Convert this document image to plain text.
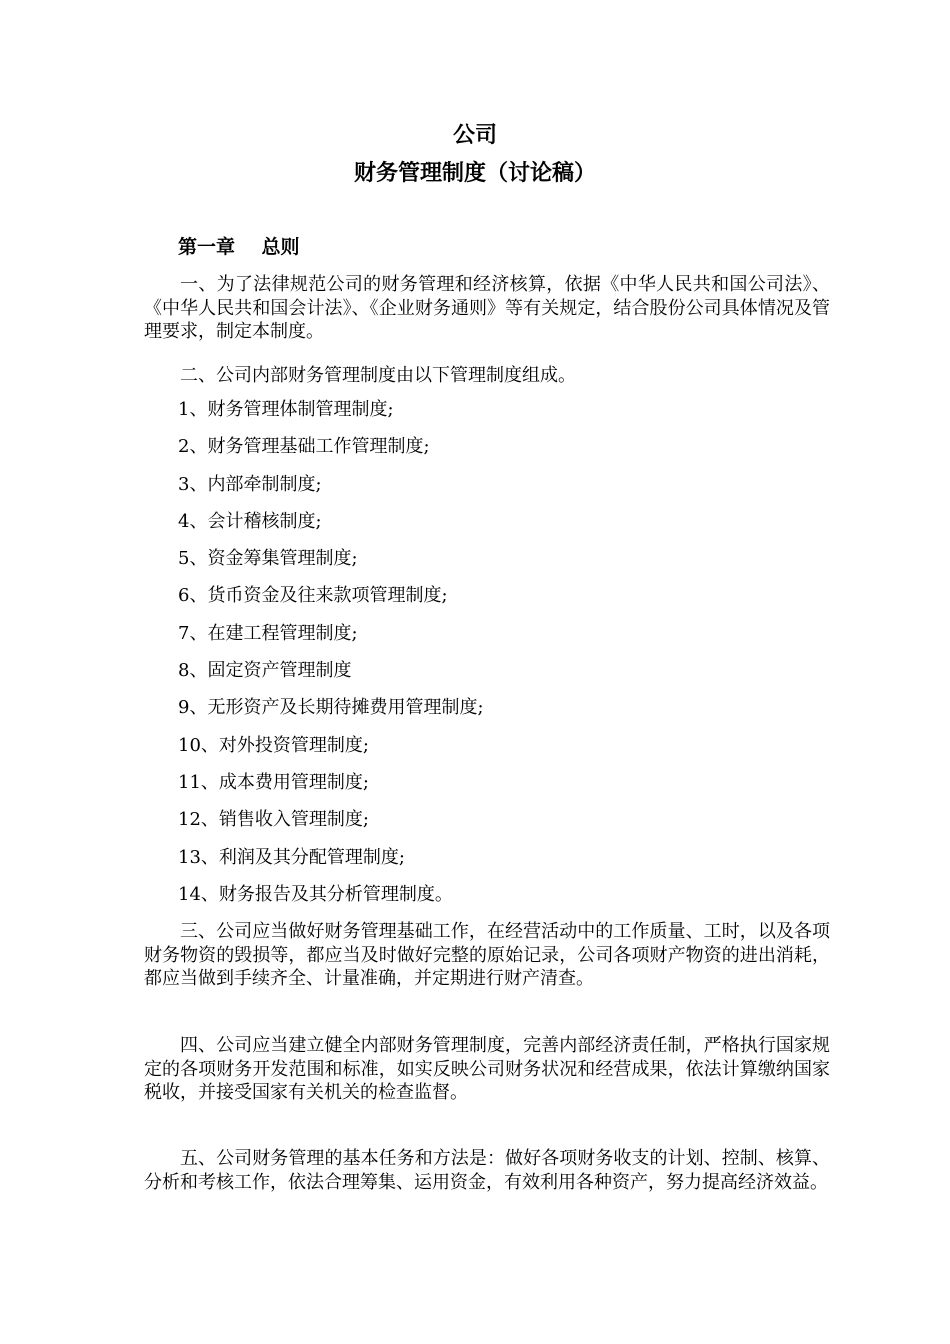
公司
财务管理制度（讨论稿）
第一章    总则

一、为了法律规范公司的财务管理和经济核算，依据《中华人民共和国公司法》、《中华人民共和国会计法》、《企业财务通则》等有关规定，结合股份公司具体情况及管理要求，制定本制度。

二、公司内部财务管理制度由以下管理制度组成。

1、财务管理体制管理制度;
2、财务管理基础工作管理制度;
3、内部牵制制度;
4、会计稽核制度;
5、资金筹集管理制度;
6、货币资金及往来款项管理制度;
7、在建工程管理制度;
8、固定资产管理制度
9、无形资产及长期待摊费用管理制度;
10、对外投资管理制度;
11、成本费用管理制度;
12、销售收入管理制度;
13、利润及其分配管理制度;
14、财务报告及其分析管理制度。

三、公司应当做好财务管理基础工作，在经营活动中的工作质量、工时，以及各项财务物资的毁损等，都应当及时做好完整的原始记录，公司各项财产物资的进出消耗，都应当做到手续齐全、计量准确，并定期进行财产清查。

四、公司应当建立健全内部财务管理制度，完善内部经济责任制，严格执行国家规定的各项财务开发范围和标准，如实反映公司财务状况和经营成果，依法计算缴纳国家税收，并接受国家有关机关的检查监督。

五、公司财务管理的基本任务和方法是：做好各项财务收支的计划、控制、核算、分析和考核工作，依法合理筹集、运用资金，有效利用各种资产，努力提高经济效益。
